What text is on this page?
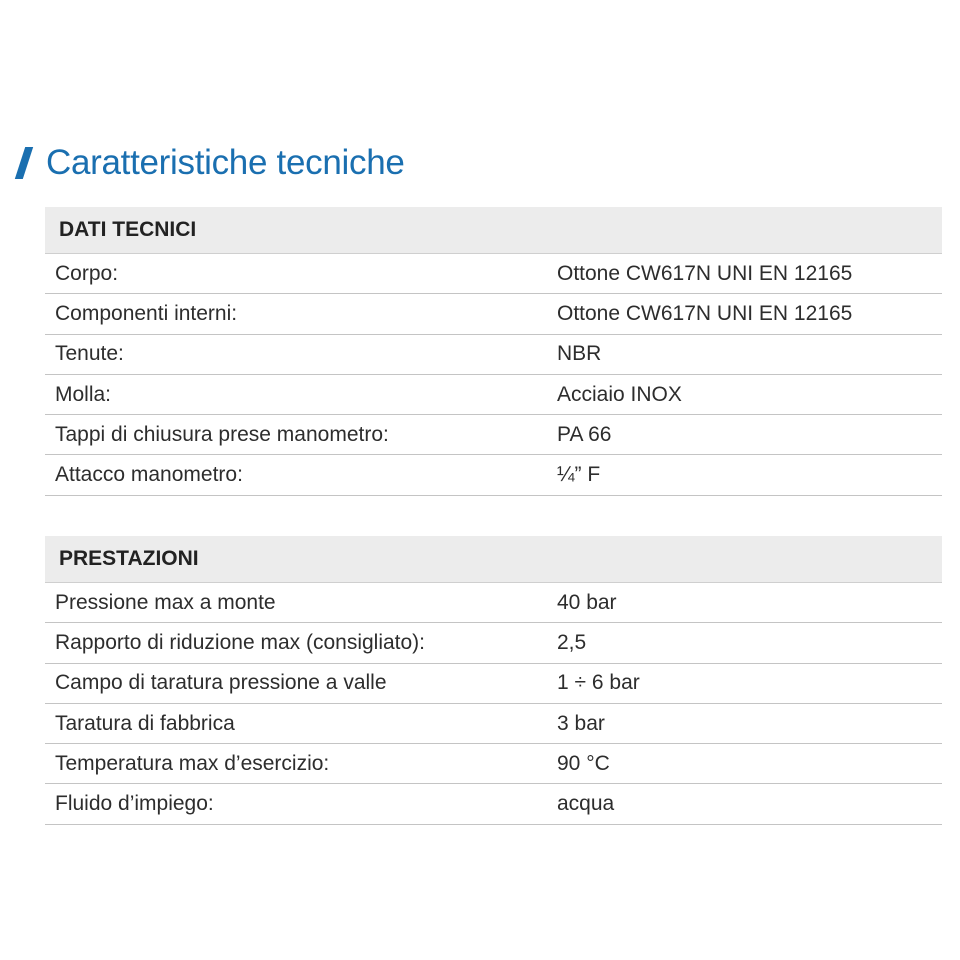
Caratteristiche tecniche
DATI TECNICI
Corpo:	Ottone CW617N UNI EN 12165
Componenti interni:	Ottone CW617N UNI EN 12165
Tenute:	NBR
Molla:	Acciaio INOX
Tappi di chiusura prese manometro:	PA 66
Attacco manometro:	¼” F
PRESTAZIONI
Pressione max a monte	40 bar
Rapporto di riduzione max (consigliato):	2,5
Campo di taratura pressione a valle	1 ÷ 6 bar
Taratura di fabbrica	3 bar
Temperatura max d’esercizio:	90 °C
Fluido d’impiego:	acqua
